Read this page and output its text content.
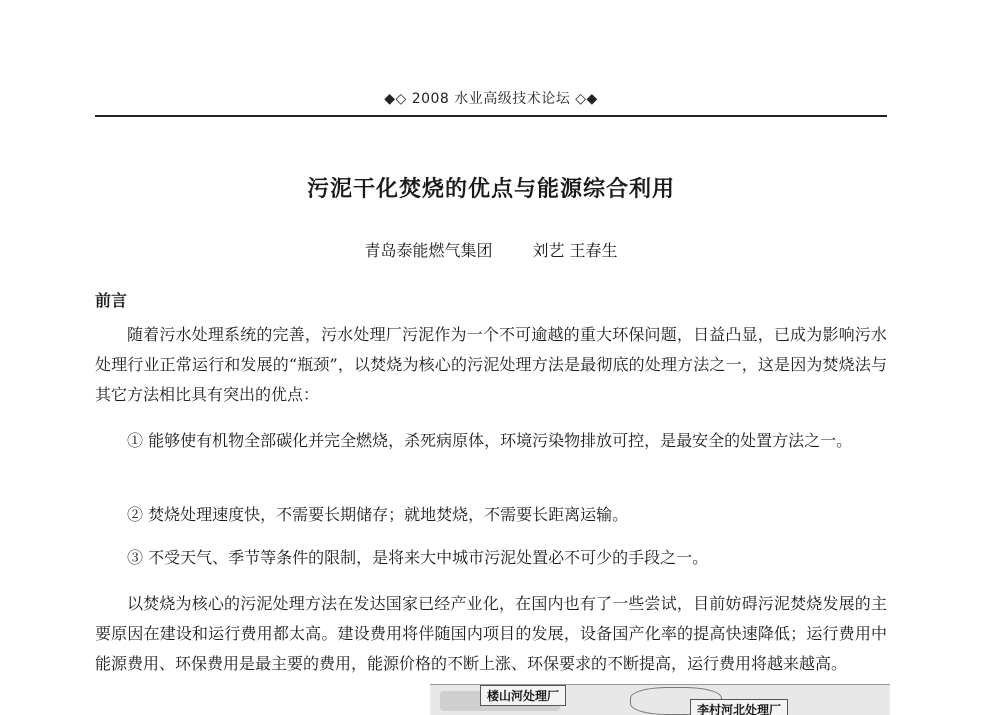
◆◇ 2008 水业高级技术论坛 ◇◆
污泥干化焚烧的优点与能源综合利用
青岛泰能燃气集团	刘艺 王春生
前言

随着污水处理系统的完善，污水处理厂污泥作为一个不可逾越的重大环保问题，日益凸显，已成为影响污水处理行业正常运行和发展的“瓶颈”，以焚烧为核心的污泥处理方法是最彻底的处理方法之一，这是因为焚烧法与其它方法相比具有突出的优点：

① 能够使有机物全部碳化并完全燃烧，杀死病原体，环境污染物排放可控，是最安全的处置方法之一。

② 焚烧处理速度快，不需要长期储存；就地焚烧，不需要长距离运输。

③ 不受天气、季节等条件的限制，是将来大中城市污泥处置必不可少的手段之一。

以焚烧为核心的污泥处理方法在发达国家已经产业化，在国内也有了一些尝试，目前妨碍污泥焚烧发展的主要原因在建设和运行费用都太高。建设费用将伴随国内项目的发展，设备国产化率的提高快速降低；运行费用中能源费用、环保费用是最主要的费用，能源价格的不断上涨、环保要求的不断提高，运行费用将越来越高。

楼山河处理厂
李村河北处理厂
